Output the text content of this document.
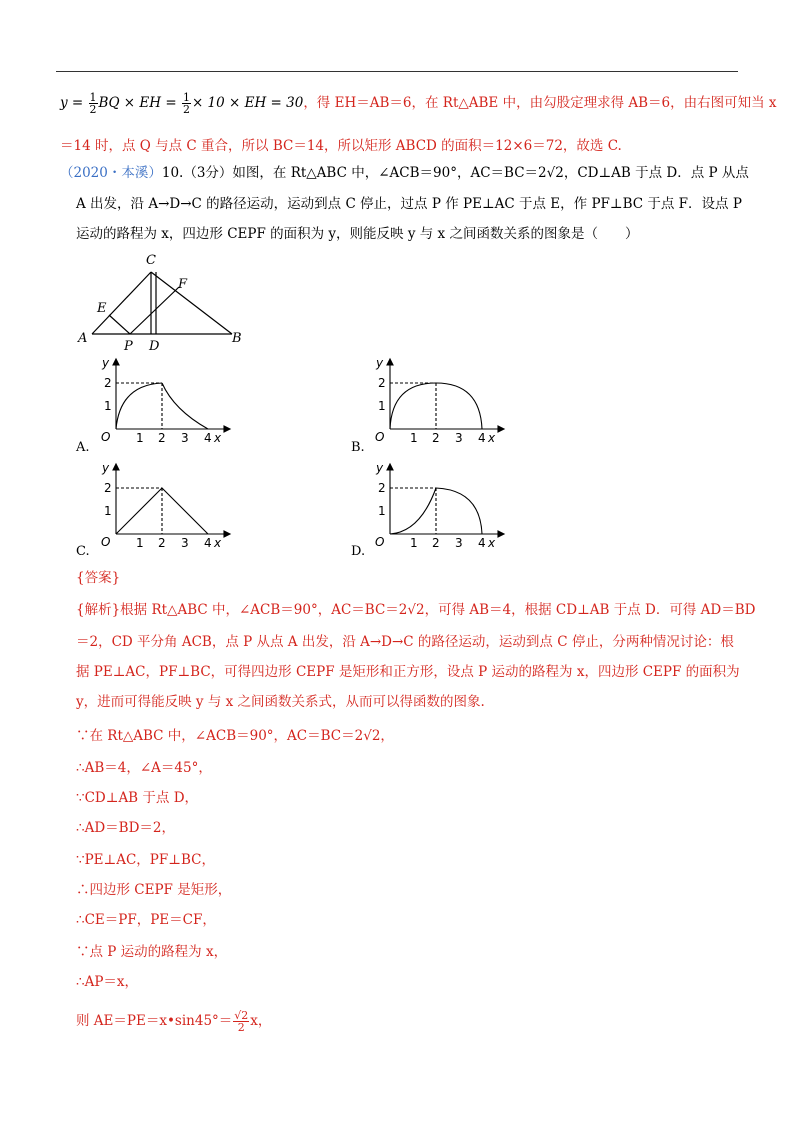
$y = \frac{1}{2}$ BQ × EH = $\frac{1}{2} \times 10$ × EH = 30，得 EH＝AB＝6，在 Rt△ABE 中，由勾股定理求得 AB＝6，由右图可知当 x
＝14 时，点 Q 与点 C 重合，所以 BC＝14，所以矩形 ABCD 的面积＝12×6＝72，故选 C.
（2020・本溪）10.（3分）如图，在 Rt△ABC 中，∠ACB＝90°，AC＝BC＝2√2，CD⊥AB 于点 D．点 P 从点
A 出发，沿 A→D→C 的路径运动，运动到点 C 停止，过点 P 作 PE⊥AC 于点 E，作 PF⊥BC 于点 F．设点 P
运动的路程为 x，四边形 CEPF 的面积为 y，则能反映 y 与 x 之间函数关系的图象是（　　）
C
F
E
A
P D
B
y
2
1
O 1 2 3 4 x
A.
y
2
1
O 1 2 3 4 x
B.
y
2
1
O 1 2 3 4 x
C.
y
2
1
O 1 2 3 4 x
D.
{答案}
{解析}根据 Rt△ABC 中，∠ACB＝90°，AC＝BC＝2√2，可得 AB＝4，根据 CD⊥AB 于点 D．可得 AD＝BD
＝2，CD 平分角 ACB，点 P 从点 A 出发，沿 A→D→C 的路径运动，运动到点 C 停止，分两种情况讨论：根
据 PE⊥AC，PF⊥BC，可得四边形 CEPF 是矩形和正方形，设点 P 运动的路程为 x，四边形 CEPF 的面积为
y，进而可得能反映 y 与 x 之间函数关系式，从而可以得函数的图象.
∵在 Rt△ABC 中，∠ACB＝90°，AC＝BC＝2√2，
∴AB＝4，∠A＝45°，
∵CD⊥AB 于点 D，
∴AD＝BD＝2，
∵PE⊥AC，PF⊥BC，
∴四边形 CEPF 是矩形，
∴CE＝PF，PE＝CF，
∵点 P 运动的路程为 x，
∴AP＝x，
则 AE＝PE＝x•sin45°＝ $\frac{√2}{2}$ x，
